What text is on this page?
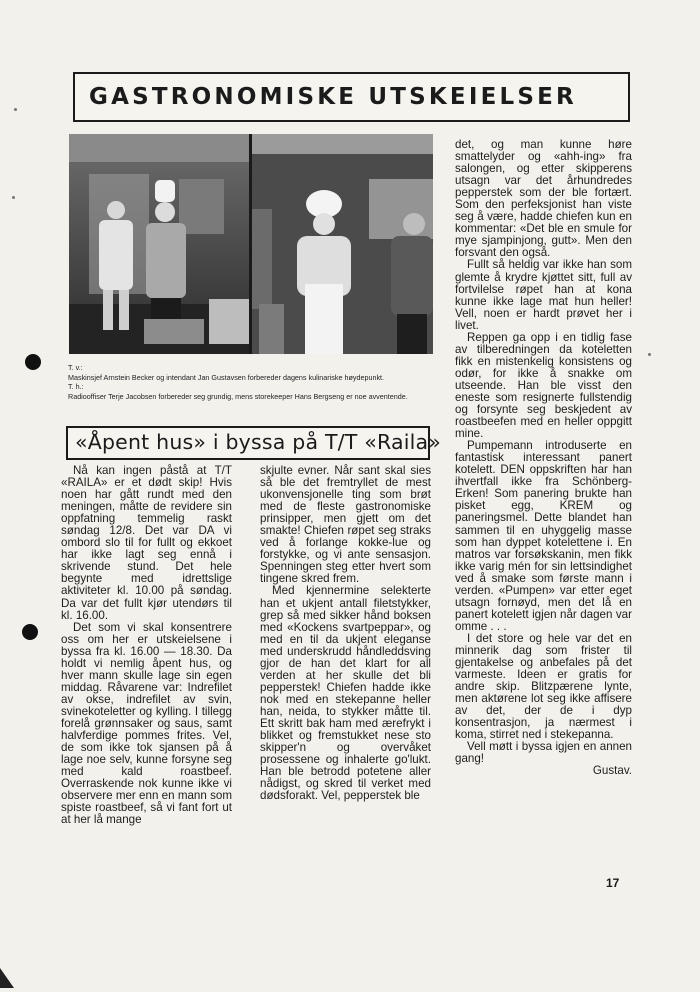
GASTRONOMISKE UTSKEIELSER
T. v.:
Maskinsjef Arnstein Becker og intendant Jan Gustavsen forbereder dagens kulinariske høydepunkt.
T. h.:
Radiooffiser Terje Jacobsen forbereder seg grundig, mens storekeeper Hans Bergseng er noe avventende.
«Åpent hus» i byssa på T/T «Raila»

Nå kan ingen påstå at T/T «RAILA» er et dødt skip! Hvis noen har gått rundt med den meningen, måtte de revidere sin oppfatning temmelig raskt søndag 12/8. Det var DA vi ombord slo til for fullt og ekkoet har ikke lagt seg ennå i skrivende stund. Det hele begynte med idrettslige aktiviteter kl. 10.00 på søndag. Da var det fullt kjør utendørs til kl. 16.00.

Det som vi skal konsentrere oss om her er utskeielsene i byssa fra kl. 16.00 — 18.30. Da holdt vi nemlig åpent hus, og hver mann skulle lage sin egen middag. Råvarene var: Indrefilet av okse, indrefilet av svin, svinekoteletter og kylling. I tillegg forelå grønnsaker og saus, samt halvferdige pommes frites. Vel, de som ikke tok sjansen på å lage noe selv, kunne forsyne seg med kald roastbeef. Overraskende nok kunne ikke vi observere mer enn en mann som spiste roastbeef, så vi fant fort ut at her lå mange

skjulte evner. Når sant skal sies så ble det fremtryllet de mest ukonvensjonelle ting som brøt med de fleste gastronomiske prinsipper, men gjett om det smakte! Chiefen røpet seg straks ved å forlange kokke-lue og forstykke, og vi ante sensasjon. Spenningen steg etter hvert som tingene skred frem.

Med kjennermine selekterte han et ukjent antall filetstykker, grep så med sikker hånd boksen med «Kockens svartpeppar», og med en til da ukjent eleganse med underskrudd håndleddsving gjor de han det klart for all verden at her skulle det bli pepperstek! Chiefen hadde ikke nok med en stekepanne heller han, neida, to stykker måtte til. Ett skritt bak ham med ærefrykt i blikket og fremstukket nese sto skipper'n og overvåket prosessene og inhalerte go'lukt. Han ble betrodd potetene aller nådigst, og skred til verket med dødsforakt. Vel, pepperstek ble

det, og man kunne høre smattelyder og «ahh-ing» fra salongen, og etter skipperens utsagn var det århundredes pepperstek som der ble fortært. Som den perfeksjonist han viste seg å være, hadde chiefen kun en kommentar: «Det ble en smule for mye sjampinjong, gutt». Men den forsvant den også.

Fullt så heldig var ikke han som glemte å krydre kjøttet sitt, full av fortvilelse røpet han at kona kunne ikke lage mat hun heller! Vell, noen er hardt prøvet her i livet.

Reppen ga opp i en tidlig fase av tilberedningen da koteletten fikk en mistenkelig konsistens og odør, for ikke å snakke om utseende. Han ble visst den eneste som resignerte fullstendig og forsynte seg beskjedent av roastbeefen med en heller oppgitt mine.

Pumpemann introduserte en fantastisk interessant panert kotelett. DEN oppskriften har han ihvertfall ikke fra Schönberg-Erken! Som panering brukte han pisket egg, KREM og paneringsmel. Dette blandet han sammen til en uhyggelig masse som han dyppet kotelettene i. En matros var forsøkskanin, men fikk ikke varig mén for sin lettsindighet ved å smake som første mann i verden. «Pumpen» var etter eget utsagn fornøyd, men det lå en panert kotelett igjen når dagen var omme . . .

I det store og hele var det en minnerik dag som frister til gjentakelse og anbefales på det varmeste. Ideen er gratis for andre skip. Blitzpærene lynte, men aktørene lot seg ikke affisere av det, der de i dyp konsentrasjon, ja nærmest i koma, stirret ned i stekepanna.

Vell møtt i byssa igjen en annen gang!

Gustav.
17
